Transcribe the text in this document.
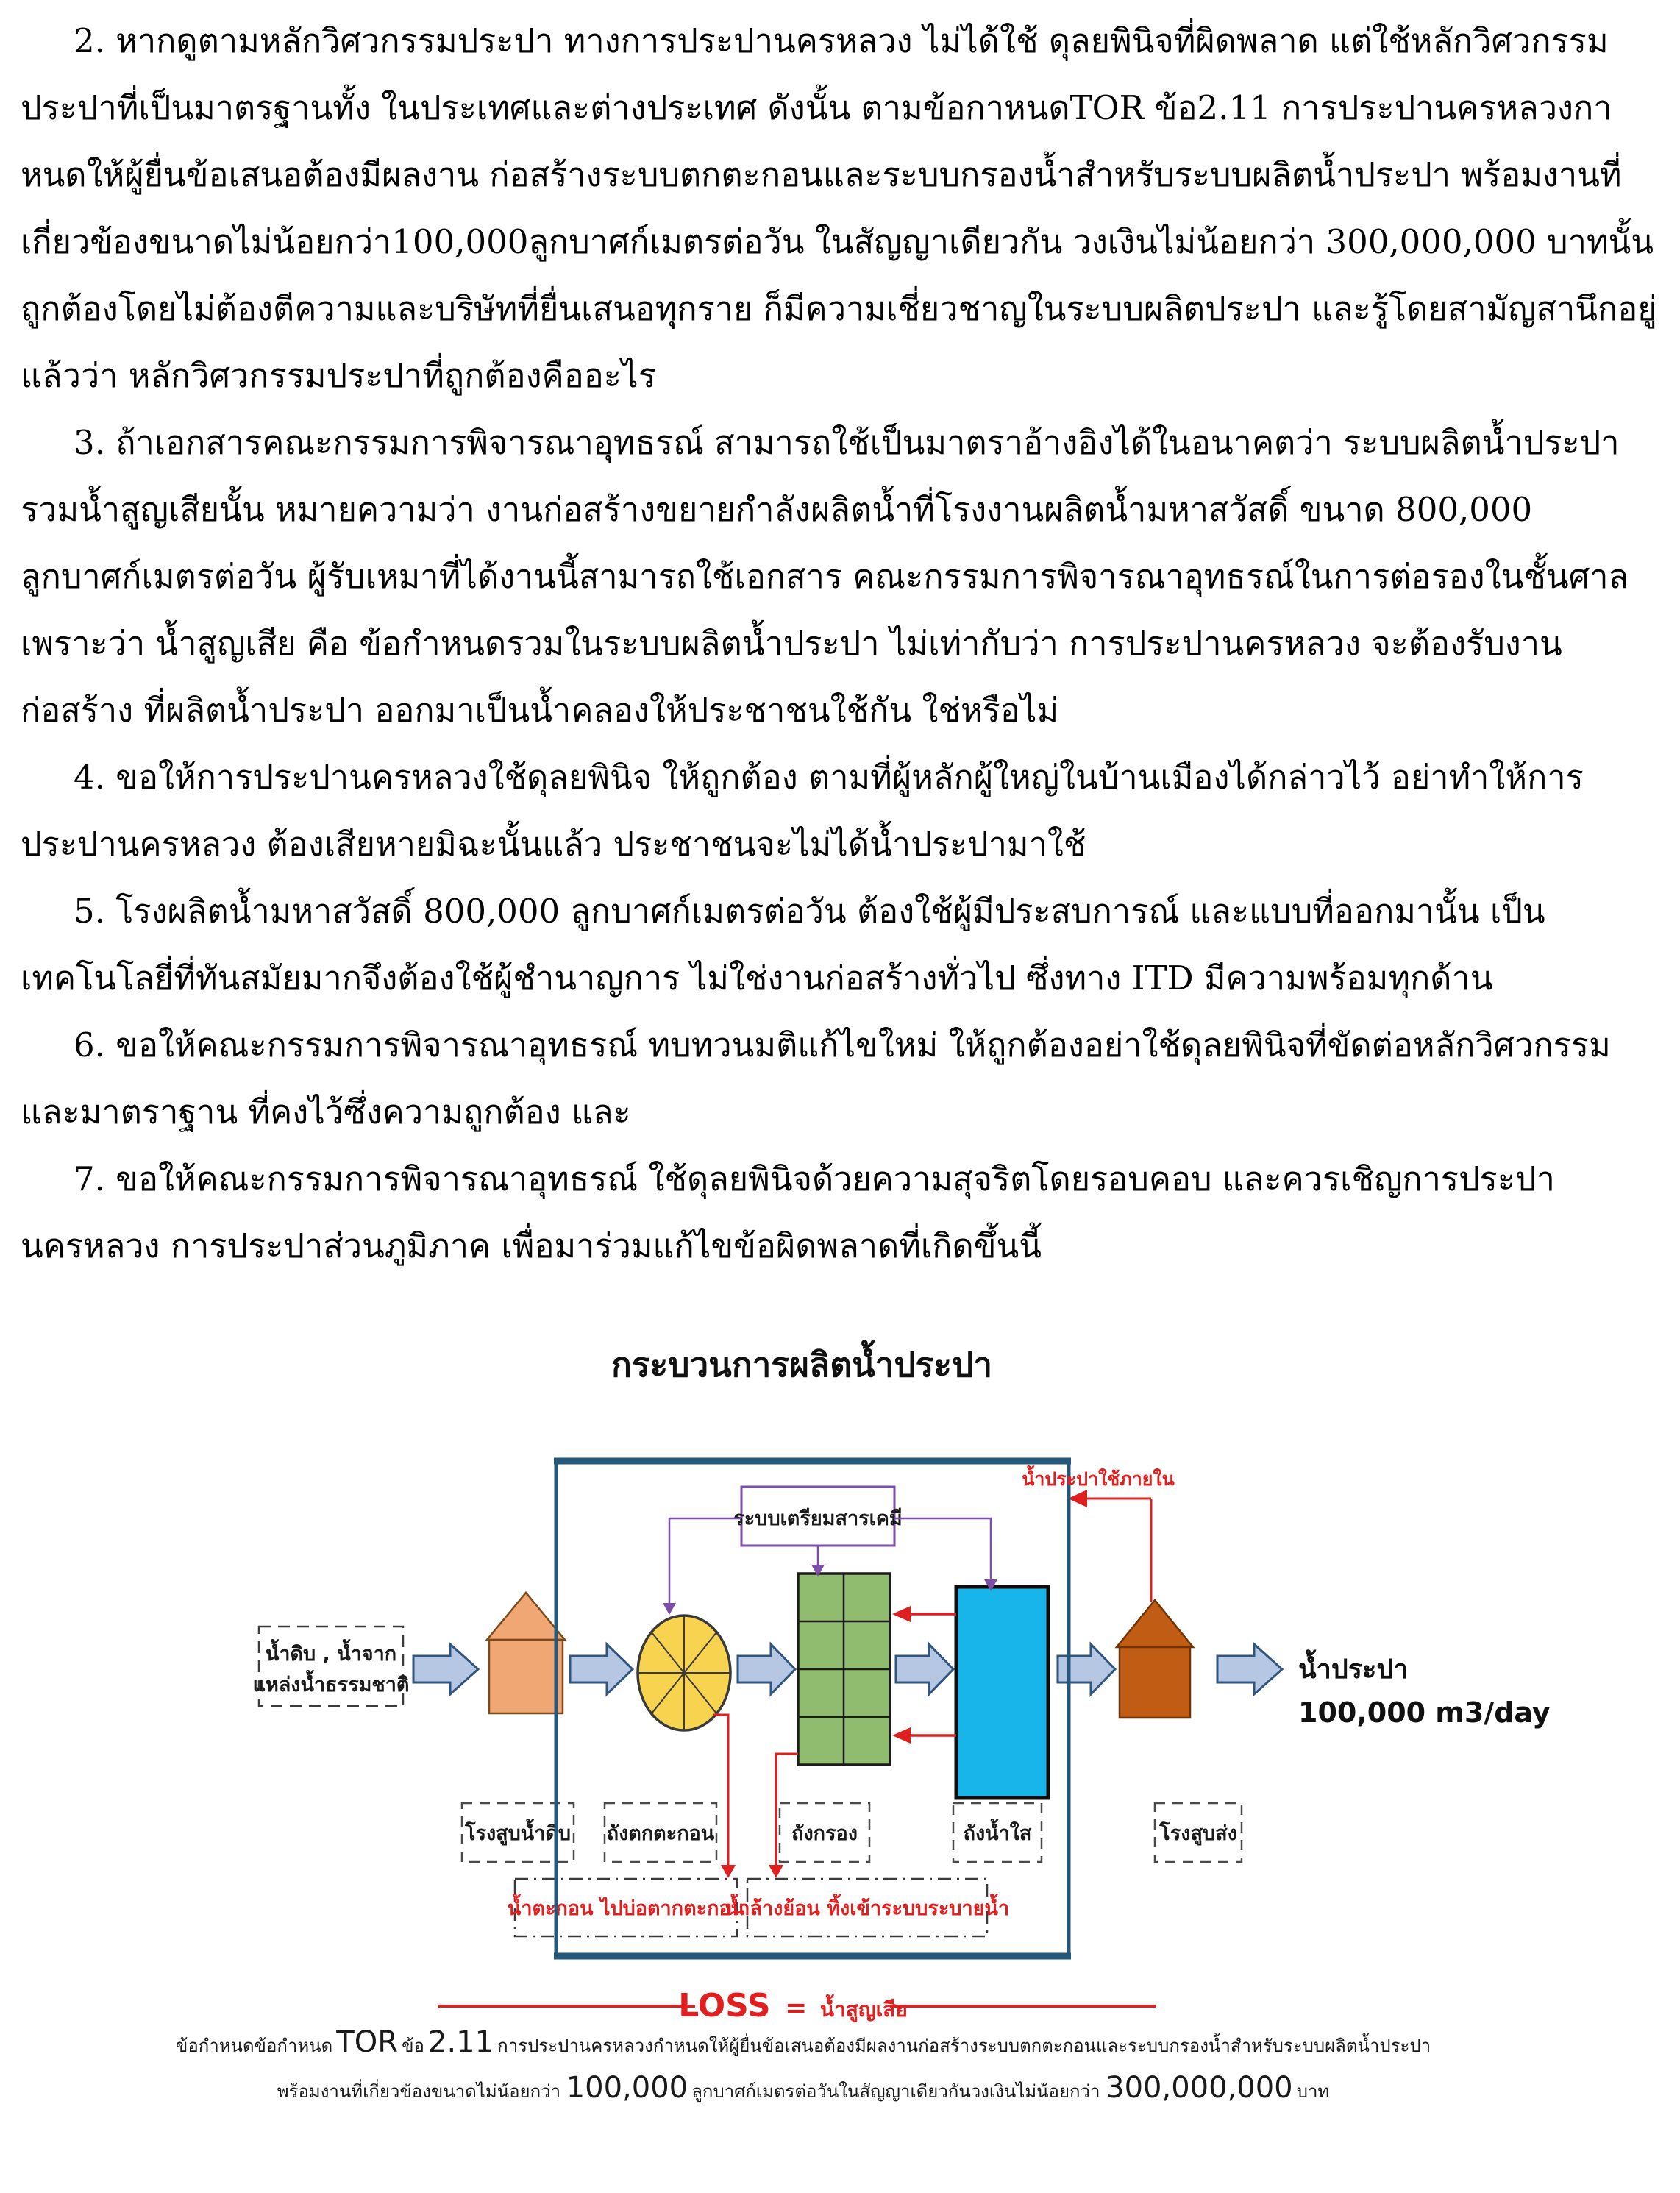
2. หากดูตามหลักวิศวกรรมประปา ทางการประปานครหลวง ไม่ได้ใช้ ดุลยพินิจที่ผิดพลาด แต่ใช้หลักวิศวกรรมประปาที่เป็นมาตรฐานทั้ง ในประเทศและต่างประเทศ ดังนั้น ตามข้อกาหนดTOR ข้อ2.11 การประปานครหลวงกาหนดให้ผู้ยื่นข้อเสนอต้องมีผลงาน ก่อสร้างระบบตกตะกอนและระบบกรองน้ำสำหรับระบบผลิตน้ำประปา พร้อมงานที่เกี่ยวข้องขนาดไม่น้อยกว่า100,000ลูกบาศก์เมตรต่อวัน ในสัญญาเดียวกัน วงเงินไม่น้อยกว่า 300,000,000 บาทนั้น ถูกต้องโดยไม่ต้องตีความและบริษัทที่ยื่นเสนอทุกราย ก็มีความเชี่ยวชาญในระบบผลิตประปา และรู้โดยสามัญสานึกอยู่แล้วว่า หลักวิศวกรรมประปาที่ถูกต้องคืออะไร

3. ถ้าเอกสารคณะกรรมการพิจารณาอุทธรณ์ สามารถใช้เป็นมาตราอ้างอิงได้ในอนาคตว่า ระบบผลิตน้ำประปารวมน้ำสูญเสียนั้น หมายความว่า งานก่อสร้างขยายกำลังผลิตน้ำที่โรงงานผลิตน้ำมหาสวัสดิ์ ขนาด 800,000 ลูกบาศก์เมตรต่อวัน ผู้รับเหมาที่ได้งานนี้สามารถใช้เอกสาร คณะกรรมการพิจารณาอุทธรณ์ในการต่อรองในชั้นศาล เพราะว่า น้ำสูญเสีย คือ ข้อกำหนดรวมในระบบผลิตน้ำประปา ไม่เท่ากับว่า การประปานครหลวง จะต้องรับงานก่อสร้าง ที่ผลิตน้ำประปา ออกมาเป็นน้ำคลองให้ประชาชนใช้กัน ใช่หรือไม่

4. ขอให้การประปานครหลวงใช้ดุลยพินิจ ให้ถูกต้อง ตามที่ผู้หลักผู้ใหญ่ในบ้านเมืองได้กล่าวไว้ อย่าทำให้การประปานครหลวง ต้องเสียหายมิฉะนั้นแล้ว ประชาชนจะไม่ได้น้ำประปามาใช้

5. โรงผลิตน้ำมหาสวัสดิ์ 800,000 ลูกบาศก์เมตรต่อวัน ต้องใช้ผู้มีประสบการณ์ และแบบที่ออกมานั้น เป็นเทคโนโลยี่ที่ทันสมัยมากจึงต้องใช้ผู้ชำนาญการ ไม่ใช่งานก่อสร้างทั่วไป ซึ่งทาง ITD มีความพร้อมทุกด้าน

6. ขอให้คณะกรรมการพิจารณาอุทธรณ์ ทบทวนมติแก้ไขใหม่ ให้ถูกต้องอย่าใช้ดุลยพินิจที่ขัดต่อหลักวิศวกรรมและมาตราฐาน ที่คงไว้ซึ่งความถูกต้อง และ

7. ขอให้คณะกรรมการพิจารณาอุทธรณ์ ใช้ดุลยพินิจด้วยความสุจริตโดยรอบคอบ และควรเชิญการประปานครหลวง การประปาส่วนภูมิภาค เพื่อมาร่วมแก้ไขข้อผิดพลาดที่เกิดขึ้นนี้

กระบวนการผลิตน้ำประปา
น้ำดิบ , น้ำจาก
แหล่งน้ำธรรมชาติ
ระบบเตรียมสารเคมี
โรงสูบน้ำดิบ ถังตกตะกอน	ถังกรอง	ถังน้ำใส	โรงสูบส่ง
น้ำตะกอน ไปบ่อตากตะกอน
น้ำล้างย้อน ทิ้งเข้าระบบระบายน้ำ
น้ำประปาใช้ภายใน
น้ำประปา
100,000 m3/day
LOSS = น้ำสูญเสีย
ข้อกำหนดข้อกำหนด TOR ข้อ 2.11 การประปานครหลวงกำหนดให้ผู้ยื่นข้อเสนอต้องมีผลงานก่อสร้างระบบตกตะกอนและระบบกรองน้ำสำหรับระบบผลิตน้ำประปา
พร้อมงานที่เกี่ยวข้องขนาดไม่น้อยกว่า 100,000 ลูกบาศก์เมตรต่อวันในสัญญาเดียวกันวงเงินไม่น้อยกว่า 300,000,000 บาท
